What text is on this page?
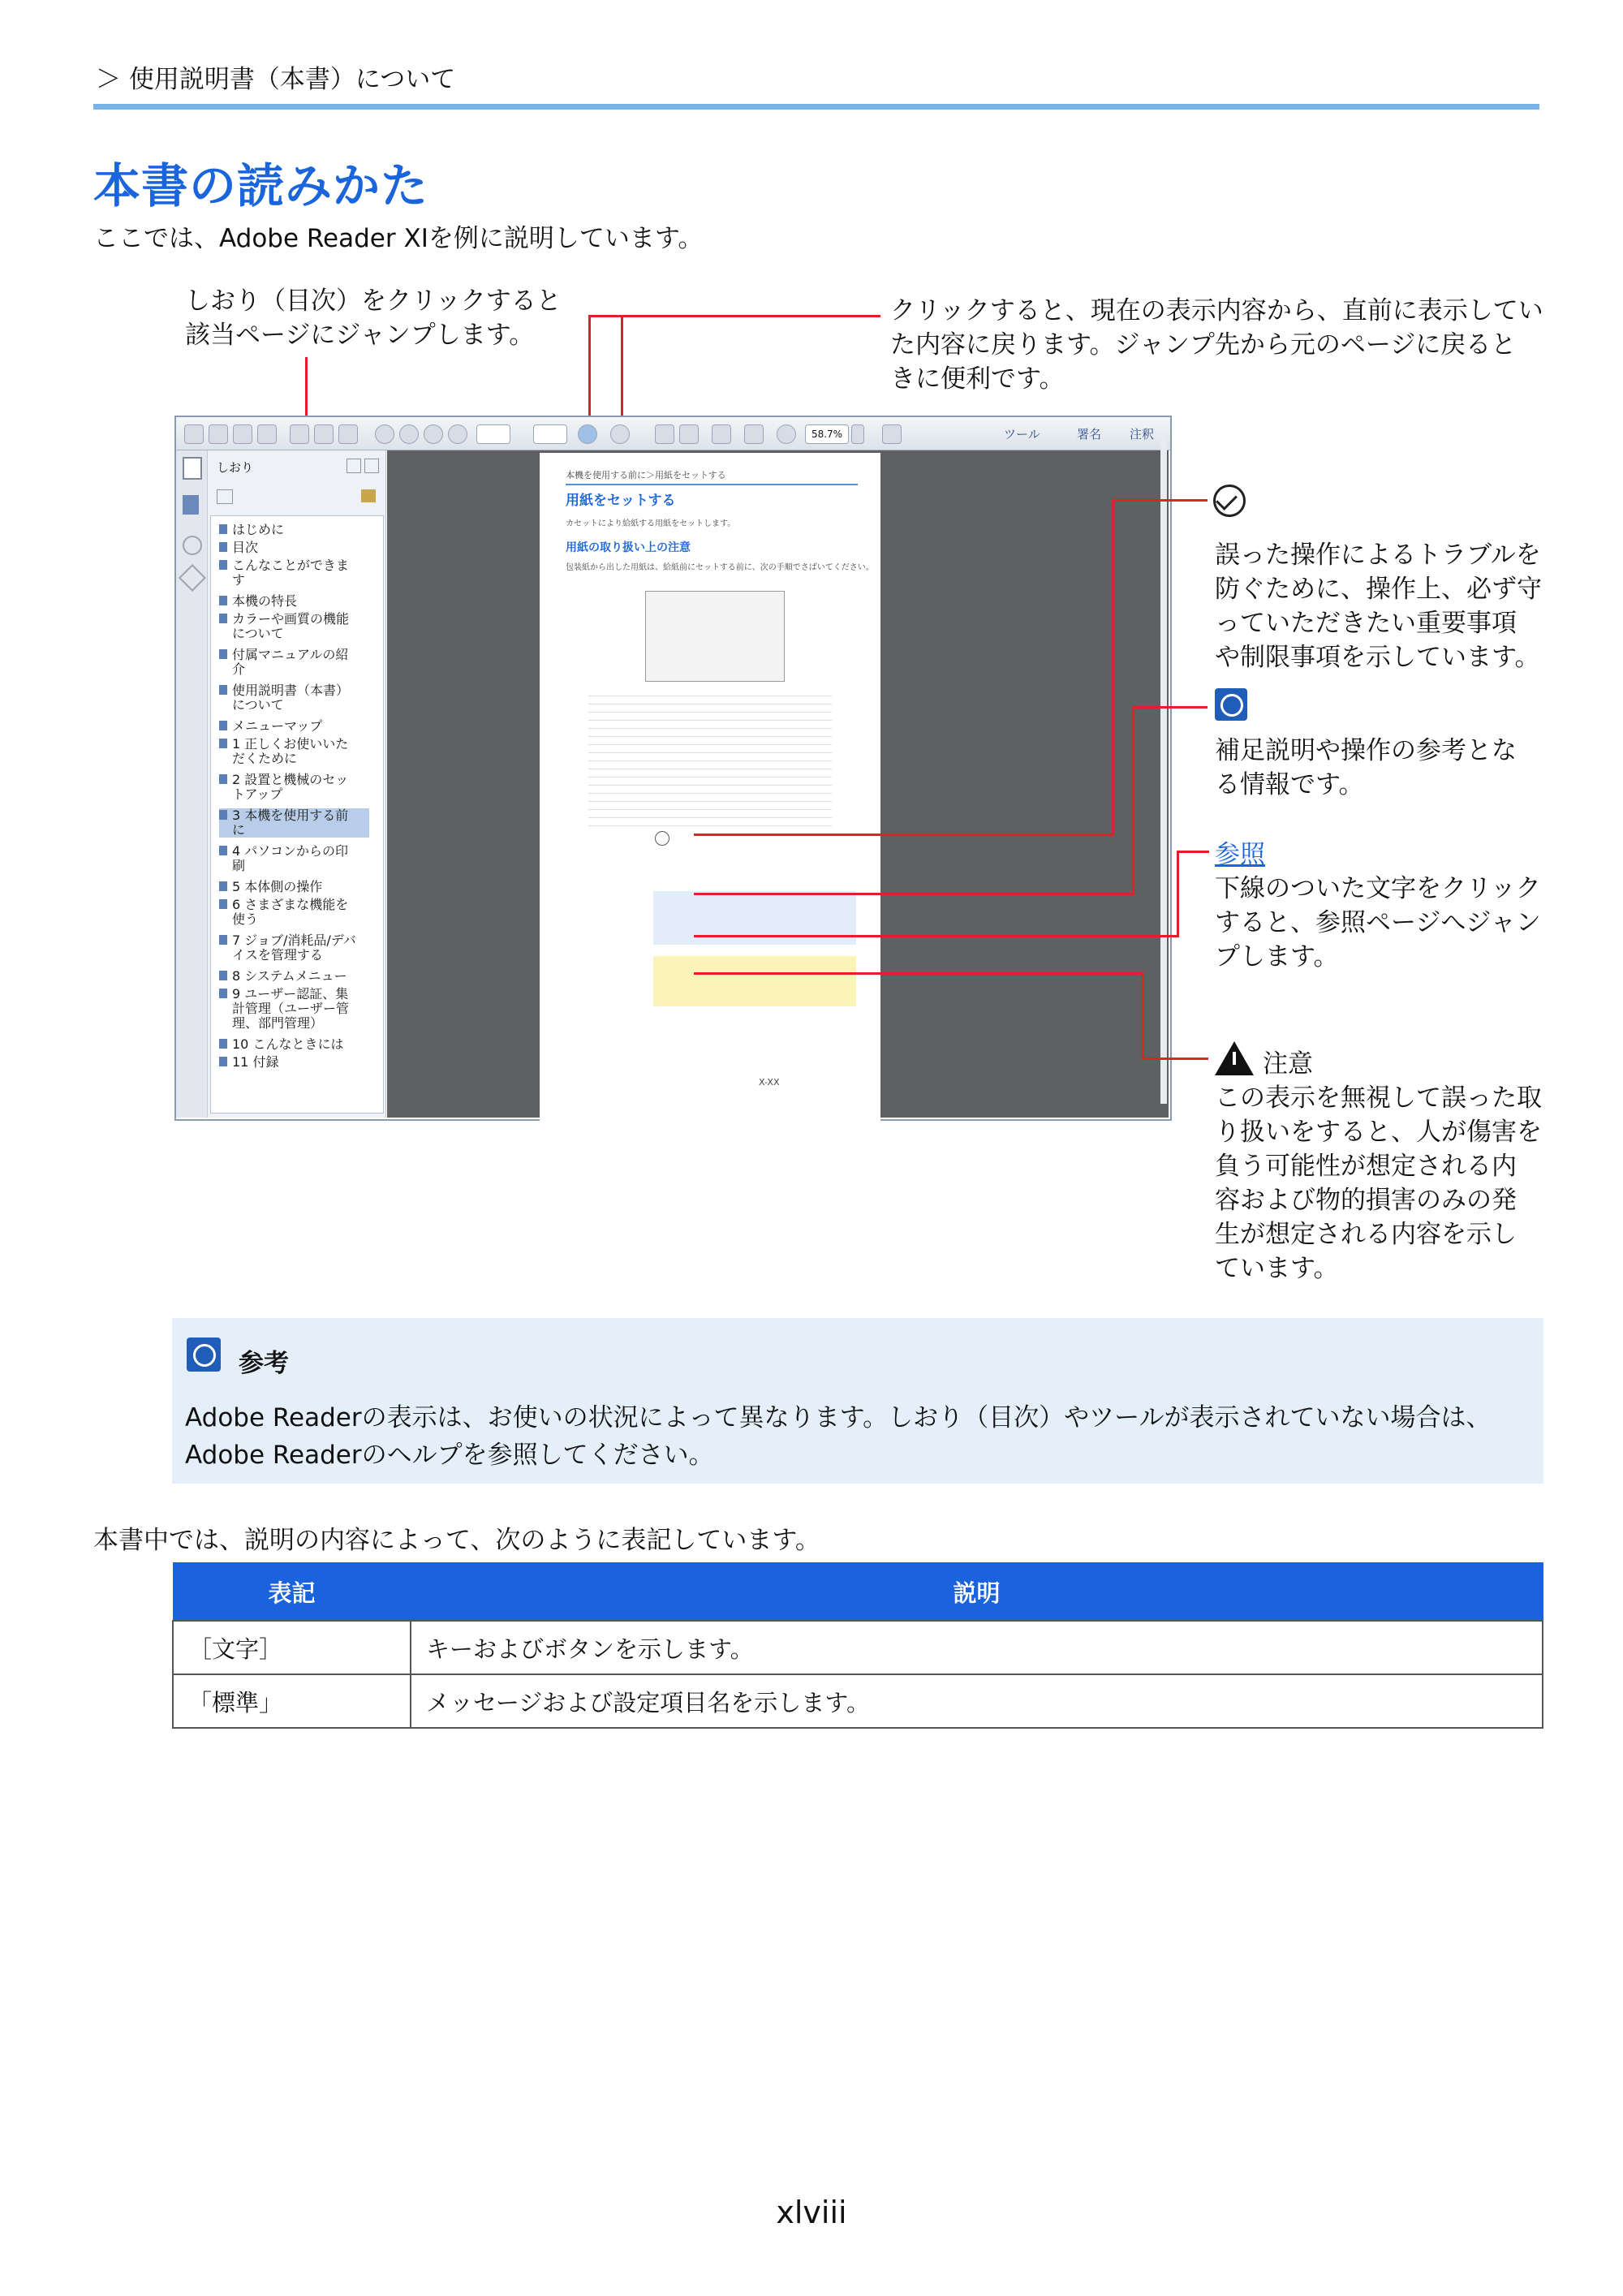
＞ 使用説明書（本書）について
本書の読みかた
ここでは、Adobe Reader XIを例に説明しています。
しおり（目次）をクリックすると
該当ページにジャンプします。
クリックすると、現在の表示内容から、直前に表示してい
た内容に戻ります。ジャンプ先から元のページに戻ると
きに便利です。
58.7%	ツール	署名 注釈
しおり
はじめに
目次
こんなことができま
す
本機の特長
カラーや画質の機能
について
付属マニュアルの紹
介
使用説明書（本書）
について
メニューマップ
1 正しくお使いいた
だくために
2 設置と機械のセッ
トアップ
3 本機を使用する前
に
4 パソコンからの印
刷
5 本体側の操作
6 さまざまな機能を
使う
7 ジョブ/消耗品/デバ
イスを管理する
8 システムメニュー
9 ユーザー認証、集
計管理（ユーザー管
理、部門管理）
10 こんなときには
11 付録
本機を使用する前に＞用紙をセットする
用紙をセットする
カセットにより給紙する用紙をセットします。
用紙の取り扱い上の注意
包装紙から出した用紙は、給紙前にセットする前に、次の手順でさばいてください。
X-XX
誤った操作によるトラブルを
防ぐために、操作上、必ず守
っていただきたい重要事項
や制限事項を示しています。
補足説明や操作の参考とな
る情報です。
参照
下線のついた文字をクリック
すると、参照ページへジャン
プします。
注意
この表示を無視して誤った取
り扱いをすると、人が傷害を
負う可能性が想定される内
容および物的損害のみの発
生が想定される内容を示し
ています。
参考
Adobe Readerの表示は、お使いの状況によって異なります。しおり（目次）やツールが表示されていない場合は、
Adobe Readerのヘルプを参照してください。
本書中では、説明の内容によって、次のように表記しています。
表記	説明
［文字］	キーおよびボタンを示します。
「標準」	メッセージおよび設定項目名を示します。
xlviii
